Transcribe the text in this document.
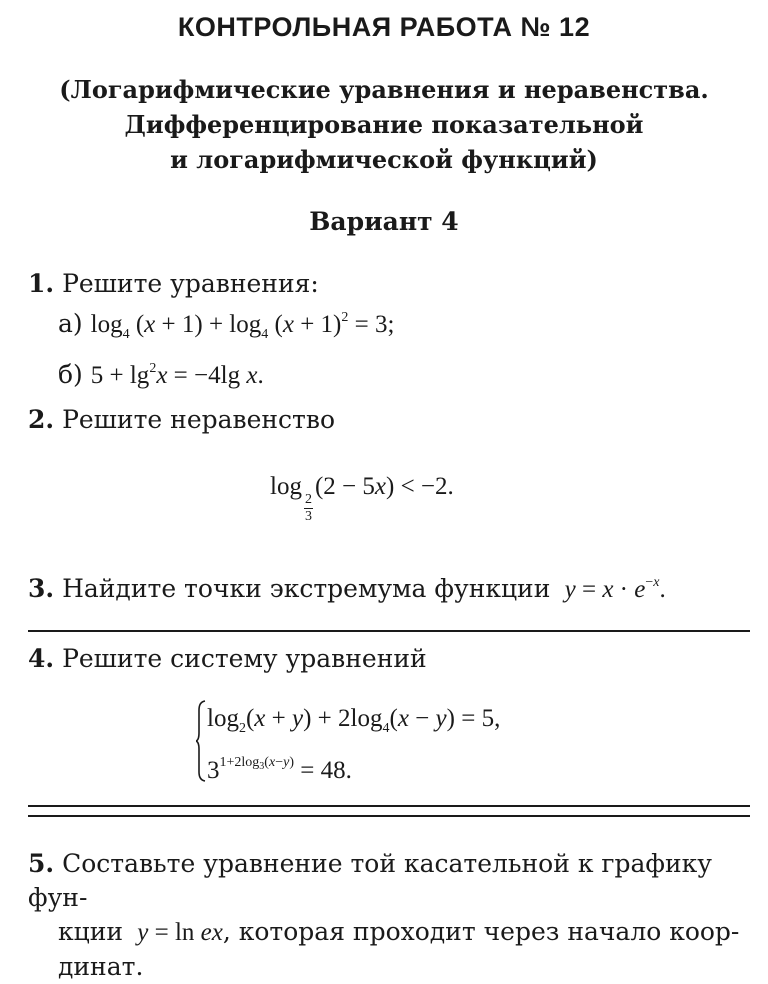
КОНТРОЛЬНАЯ РАБОТА № 12
(Логарифмические уравнения и неравенства.
Дифференцирование показательной
и логарифмической функций)
Вариант 4
1. Решите уравнения:
а) $\log_4 (x + 1) + \log_4 (x + 1)^2 = 3$;
б) $5 + \lg^2x = -4\lg$ x.
2. Решите неравенство
log
$\frac{2}{3}$
(2 − 5x) < −2.
3. Найдите точки экстремума функции $y = x \cdot e^{-x}$.
4. Решите систему уравнений
$\log_2(x + y) + 2\log_4(x - y) = 5$,
$3^{1+2log_3(x-y)} = 48$.
5. Составьте уравнение той касательной к графику фун-
кции y = ln ex, которая проходит через начало коор-
динат.
